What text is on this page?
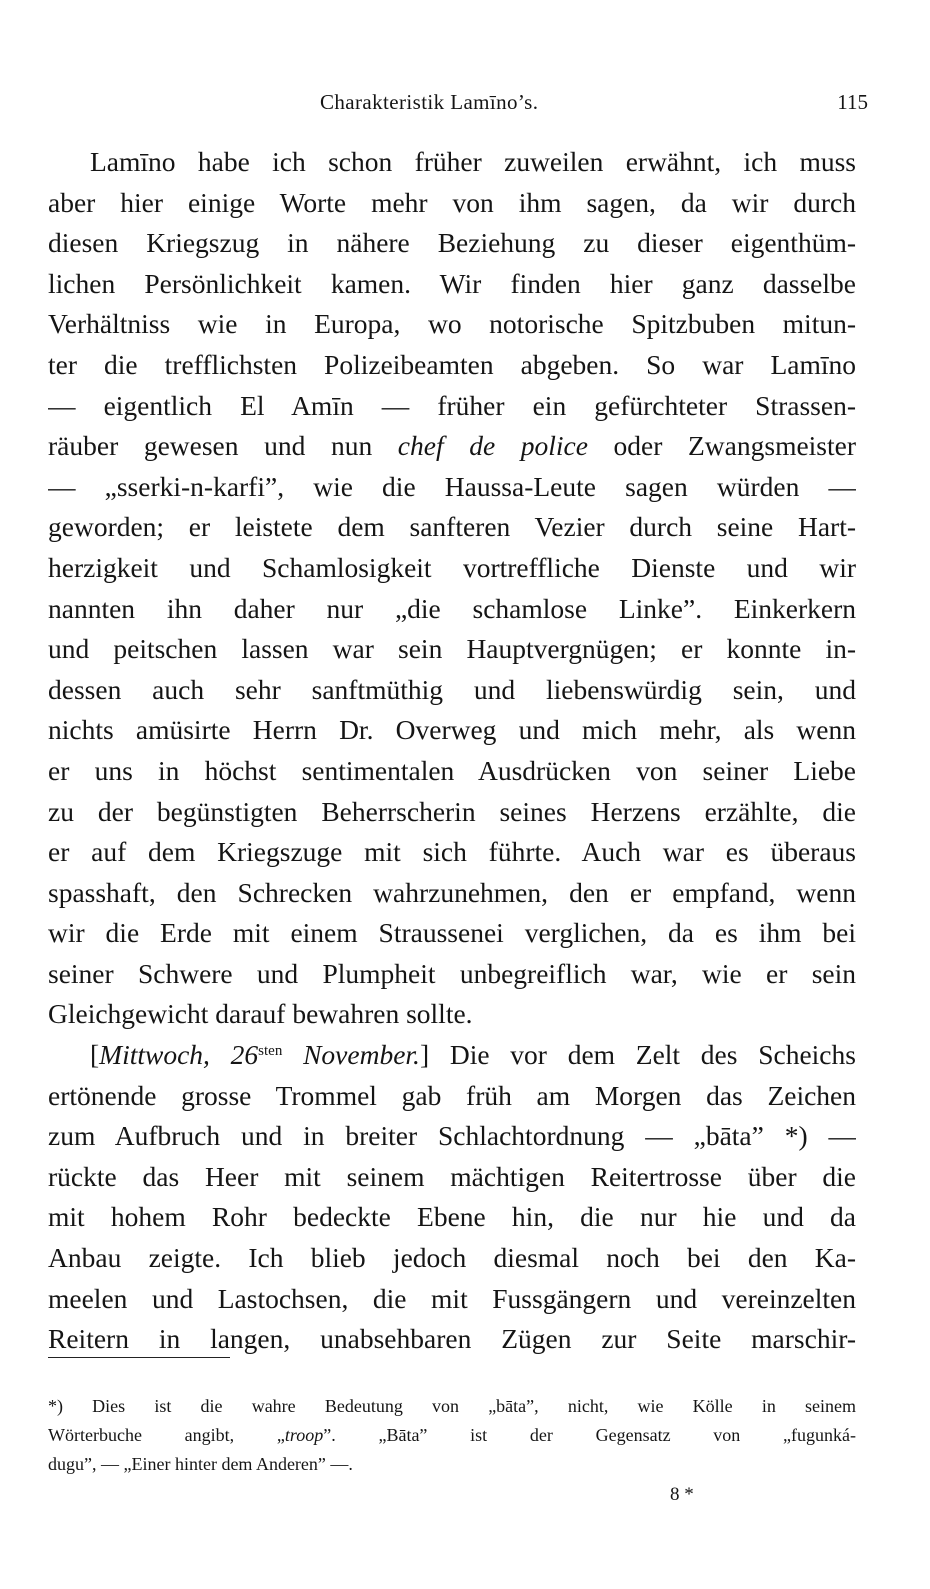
Charakteristik Lamīno’s.	115
Lamīno habe ich schon früher zuweilen erwähnt, ich muss
aber hier einige Worte mehr von ihm sagen, da wir durch
diesen Kriegszug in nähere Beziehung zu dieser eigenthüm-
lichen Persönlichkeit kamen. Wir finden hier ganz dasselbe
Verhältniss wie in Europa, wo notorische Spitzbuben mitun-
ter die trefflichsten Polizeibeamten abgeben. So war Lamīno
— eigentlich El Amīn — früher ein gefürchteter Strassen-
räuber gewesen und nun chef de police oder Zwangsmeister
— „sserki-n-karfi”, wie die Haussa-Leute sagen würden —
geworden; er leistete dem sanfteren Vezier durch seine Hart-
herzigkeit und Schamlosigkeit vortreffliche Dienste und wir
nannten ihn daher nur „die schamlose Linke”. Einkerkern
und peitschen lassen war sein Hauptvergnügen; er konnte in-
dessen auch sehr sanftmüthig und liebenswürdig sein, und
nichts amüsirte Herrn Dr. Overweg und mich mehr, als wenn
er uns in höchst sentimentalen Ausdrücken von seiner Liebe
zu der begünstigten Beherrscherin seines Herzens erzählte, die
er auf dem Kriegszuge mit sich führte. Auch war es überaus
spasshaft, den Schrecken wahrzunehmen, den er empfand, wenn
wir die Erde mit einem Straussenei verglichen, da es ihm bei
seiner Schwere und Plumpheit unbegreiflich war, wie er sein
Gleichgewicht darauf bewahren sollte.
[Mittwoch, $26^{sten}$ November.] Die vor dem Zelt des Scheichs
ertönende grosse Trommel gab früh am Morgen das Zeichen
zum Aufbruch und in breiter Schlachtordnung — „bāta” *) —
rückte das Heer mit seinem mächtigen Reitertrosse über die
mit hohem Rohr bedeckte Ebene hin, die nur hie und da
Anbau zeigte. Ich blieb jedoch diesmal noch bei den Ka-
meelen und Lastochsen, die mit Fussgängern und vereinzelten
Reitern in langen, unabsehbaren Zügen zur Seite marschir-
*) Dies ist die wahre Bedeutung von „bāta”, nicht, wie Kölle in seinem
Wörterbuche angibt, „troop”. „Bāta” ist der Gegensatz von „fugunká-
dugu”, — „Einer hinter dem Anderen” —.
8 *
